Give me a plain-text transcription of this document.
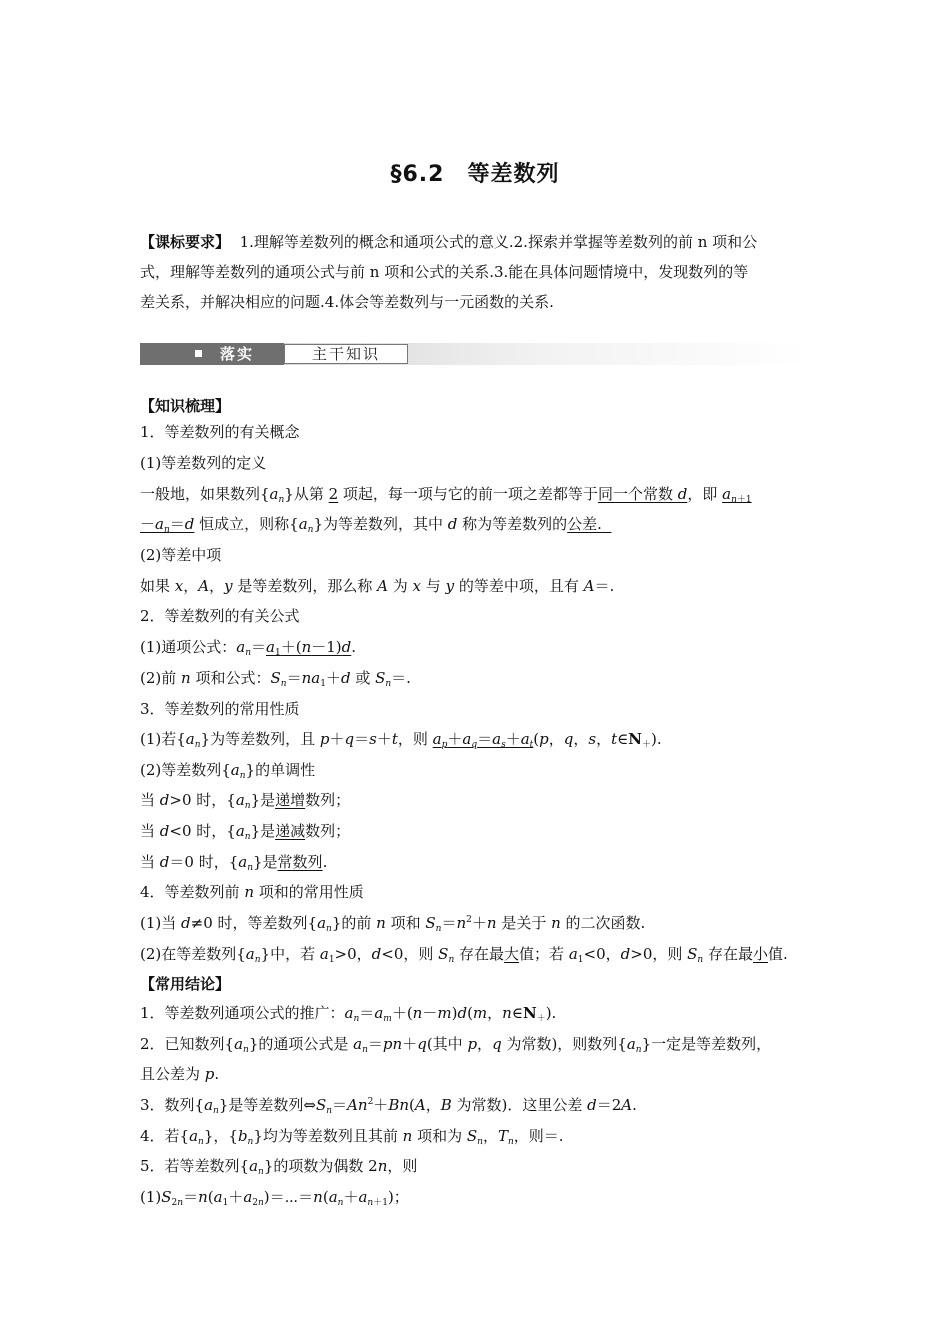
§6.2　等差数列
【课标要求】 1.理解等差数列的概念和通项公式的意义.2.探索并掌握等差数列的前 n 项和公
式，理解等差数列的通项公式与前 n 项和公式的关系.3.能在具体问题情境中，发现数列的等
差关系，并解决相应的问题.4.体会等差数列与一元函数的关系.
落实	主干知识
【知识梳理】
1．等差数列的有关概念
(1)等差数列的定义
一般地，如果数列$\{a_n\}$从第 2 项起，每一项与它的前一项之差都等于同一个常数 d，即 $a_{n+1}$
$-a_n=d$ 恒成立，则称$\{a_n\}$为等差数列，其中 d 称为等差数列的公差.
(2)等差中项
如果 x，A，y 是等差数列，那么称 A 为 x 与 y 的等差中项，且有 A＝.
2．等差数列的有关公式
(1)通项公式：$a_n=a_1+(n-1)d$.
(2)前 n 项和公式：$S_n=na_1+d$ 或 $S_n=$.
3．等差数列的常用性质
(1)若$\{a_n\}$为等差数列，且 p＋q＝s＋t，则 $a_p+a_q=a_s+a_t(p$，q，s，$t\in N_+$).
(2)等差数列$\{a_n\}$的单调性
当 d>0 时，$\{a_n\}$是递增数列；
当 d<0 时，$\{a_n\}$是递减数列；
当 d＝0 时，$\{a_n\}$是常数列.
4．等差数列前 n 项和的常用性质
(1)当 d≠0 时，等差数列$\{a_n\}$的前 n 项和 $S_n=n^2+n$ 是关于 n 的二次函数.
(2)在等差数列$\{a_n\}$中，若 $a_1>0$，d<0，则 $S_n$ 存在最大值；若 $a_1<0$，d>0，则 $S_n$ 存在最小值.
【常用结论】
1．等差数列通项公式的推广：$a_n=a_m+(n-m)d(m$，$n\in N_+$).
2．已知数列$\{a_n\}$的通项公式是 $a_n=pn+q$(其中 p，q 为常数)，则数列$\{a_n\}$一定是等差数列，
且公差为 p.
3．数列$\{a_n\}$是等差数列$\Leftrightarrow S_n=An^2+Bn(A$，B 为常数)．这里公差 d＝2A.
4．若$\{a_n\}$，$\{b_n\}$均为等差数列且其前 n 项和为 $S_n$，$T_n$，则＝.
5．若等差数列$\{a_n\}$的项数为偶数 2n，则
$(1)S_{2n}=n(a_1+a_{2n})=\cdots=n(a_n+a_{n+1})$；
